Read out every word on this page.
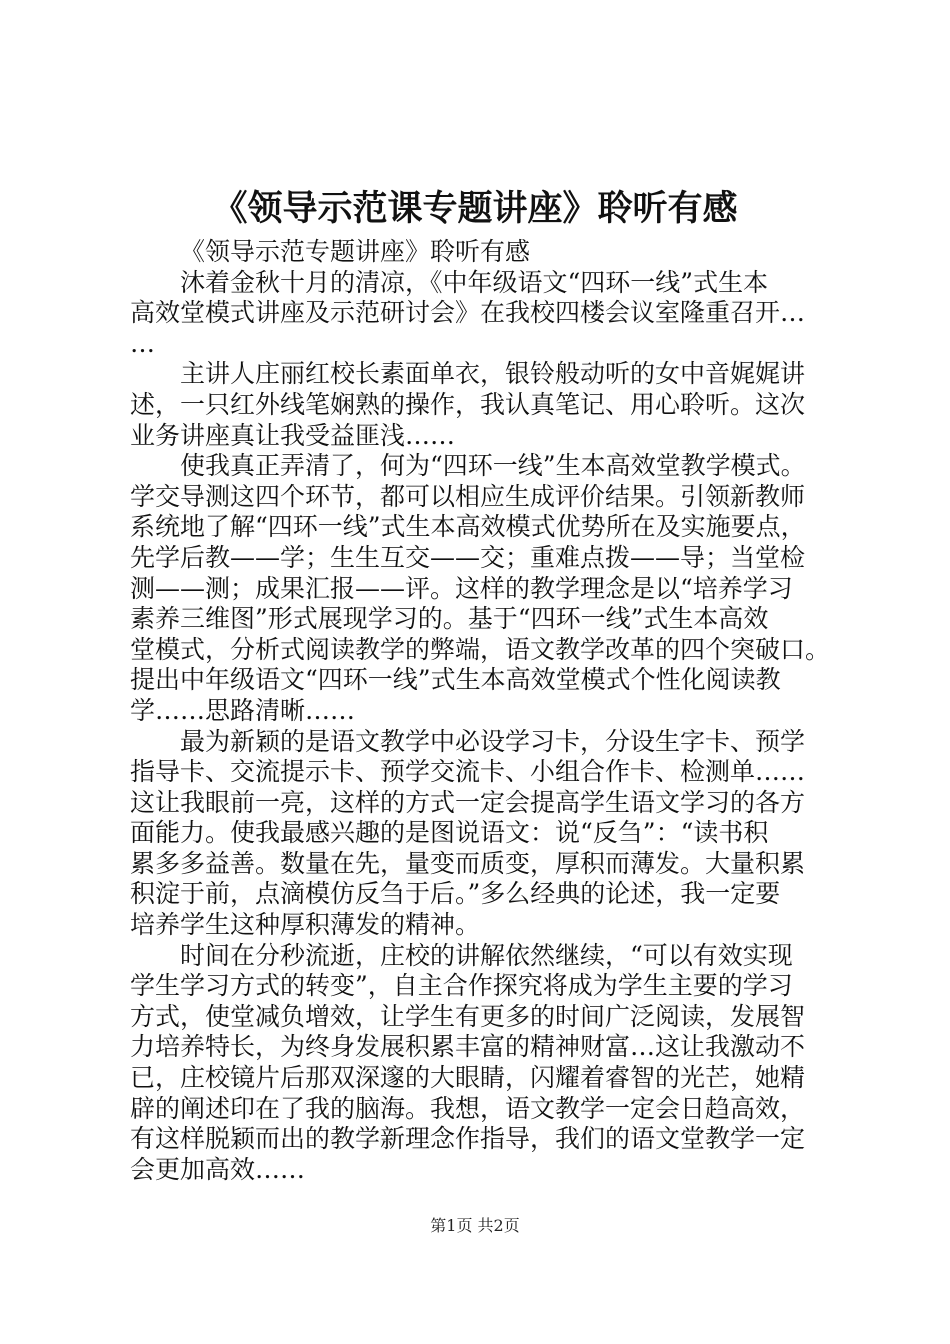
《领导示范课专题讲座》聆听有感
《领导示范专题讲座》聆听有感
沐着金秋十月的清凉，《中年级语文“四环一线”式生本
高效堂模式讲座及示范研讨会》在我校四楼会议室隆重召开…
…
主讲人庄丽红校长素面单衣，银铃般动听的女中音娓娓讲
述，一只红外线笔娴熟的操作，我认真笔记、用心聆听。这次
业务讲座真让我受益匪浅……
使我真正弄清了，何为“四环一线”生本高效堂教学模式。
学交导测这四个环节，都可以相应生成评价结果。引领新教师
系统地了解“四环一线”式生本高效模式优势所在及实施要点，
先学后教——学；生生互交——交；重难点拨——导；当堂检
测——测；成果汇报——评。这样的教学理念是以“培养学习
素养三维图”形式展现学习的。基于“四环一线”式生本高效
堂模式，分析式阅读教学的弊端，语文教学改革的四个突破口。
提出中年级语文“四环一线”式生本高效堂模式个性化阅读教
学……思路清晰……
最为新颖的是语文教学中必设学习卡，分设生字卡、预学
指导卡、交流提示卡、预学交流卡、小组合作卡、检测单……
这让我眼前一亮，这样的方式一定会提高学生语文学习的各方
面能力。使我最感兴趣的是图说语文：说“反刍”：“读书积
累多多益善。数量在先，量变而质变，厚积而薄发。大量积累
积淀于前，点滴模仿反刍于后。”多么经典的论述，我一定要
培养学生这种厚积薄发的精神。
时间在分秒流逝，庄校的讲解依然继续，“可以有效实现
学生学习方式的转变”，自主合作探究将成为学生主要的学习
方式，使堂减负增效，让学生有更多的时间广泛阅读，发展智
力培养特长，为终身发展积累丰富的精神财富…这让我激动不
已，庄校镜片后那双深邃的大眼睛，闪耀着睿智的光芒，她精
辟的阐述印在了我的脑海。我想，语文教学一定会日趋高效，
有这样脱颖而出的教学新理念作指导，我们的语文堂教学一定
会更加高效……
第1页 共2页
